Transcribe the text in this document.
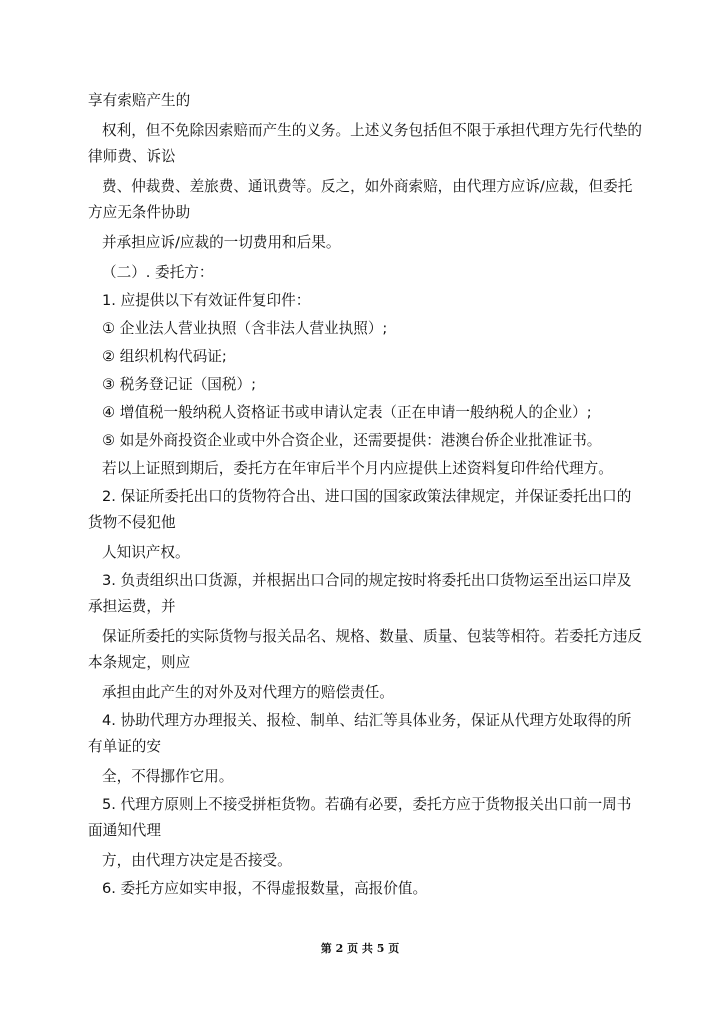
享有索赔产生的
权利，但不免除因索赔而产生的义务。上述义务包括但不限于承担代理方先行代垫的
律师费、诉讼
费、仲裁费、差旅费、通讯费等。反之，如外商索赔，由代理方应诉/应裁，但委托
方应无条件协助
并承担应诉/应裁的一切费用和后果。
（二）. 委托方：
1. 应提供以下有效证件复印件：
① 企业法人营业执照（含非法人营业执照）;
② 组织机构代码证;
③ 税务登记证（国税）;
④ 增值税一般纳税人资格证书或申请认定表（正在申请一般纳税人的企业）;
⑤ 如是外商投资企业或中外合资企业，还需要提供：港澳台侨企业批准证书。
若以上证照到期后，委托方在年审后半个月内应提供上述资料复印件给代理方。
2. 保证所委托出口的货物符合出、进口国的国家政策法律规定，并保证委托出口的
货物不侵犯他
人知识产权。
3. 负责组织出口货源，并根据出口合同的规定按时将委托出口货物运至出运口岸及
承担运费，并
保证所委托的实际货物与报关品名、规格、数量、质量、包装等相符。若委托方违反
本条规定，则应
承担由此产生的对外及对代理方的赔偿责任。
4. 协助代理方办理报关、报检、制单、结汇等具体业务，保证从代理方处取得的所
有单证的安
全，不得挪作它用。
5. 代理方原则上不接受拼柜货物。若确有必要，委托方应于货物报关出口前一周书
面通知代理
方，由代理方决定是否接受。
6. 委托方应如实申报，不得虚报数量，高报价值。
第 2 页 共 5 页
